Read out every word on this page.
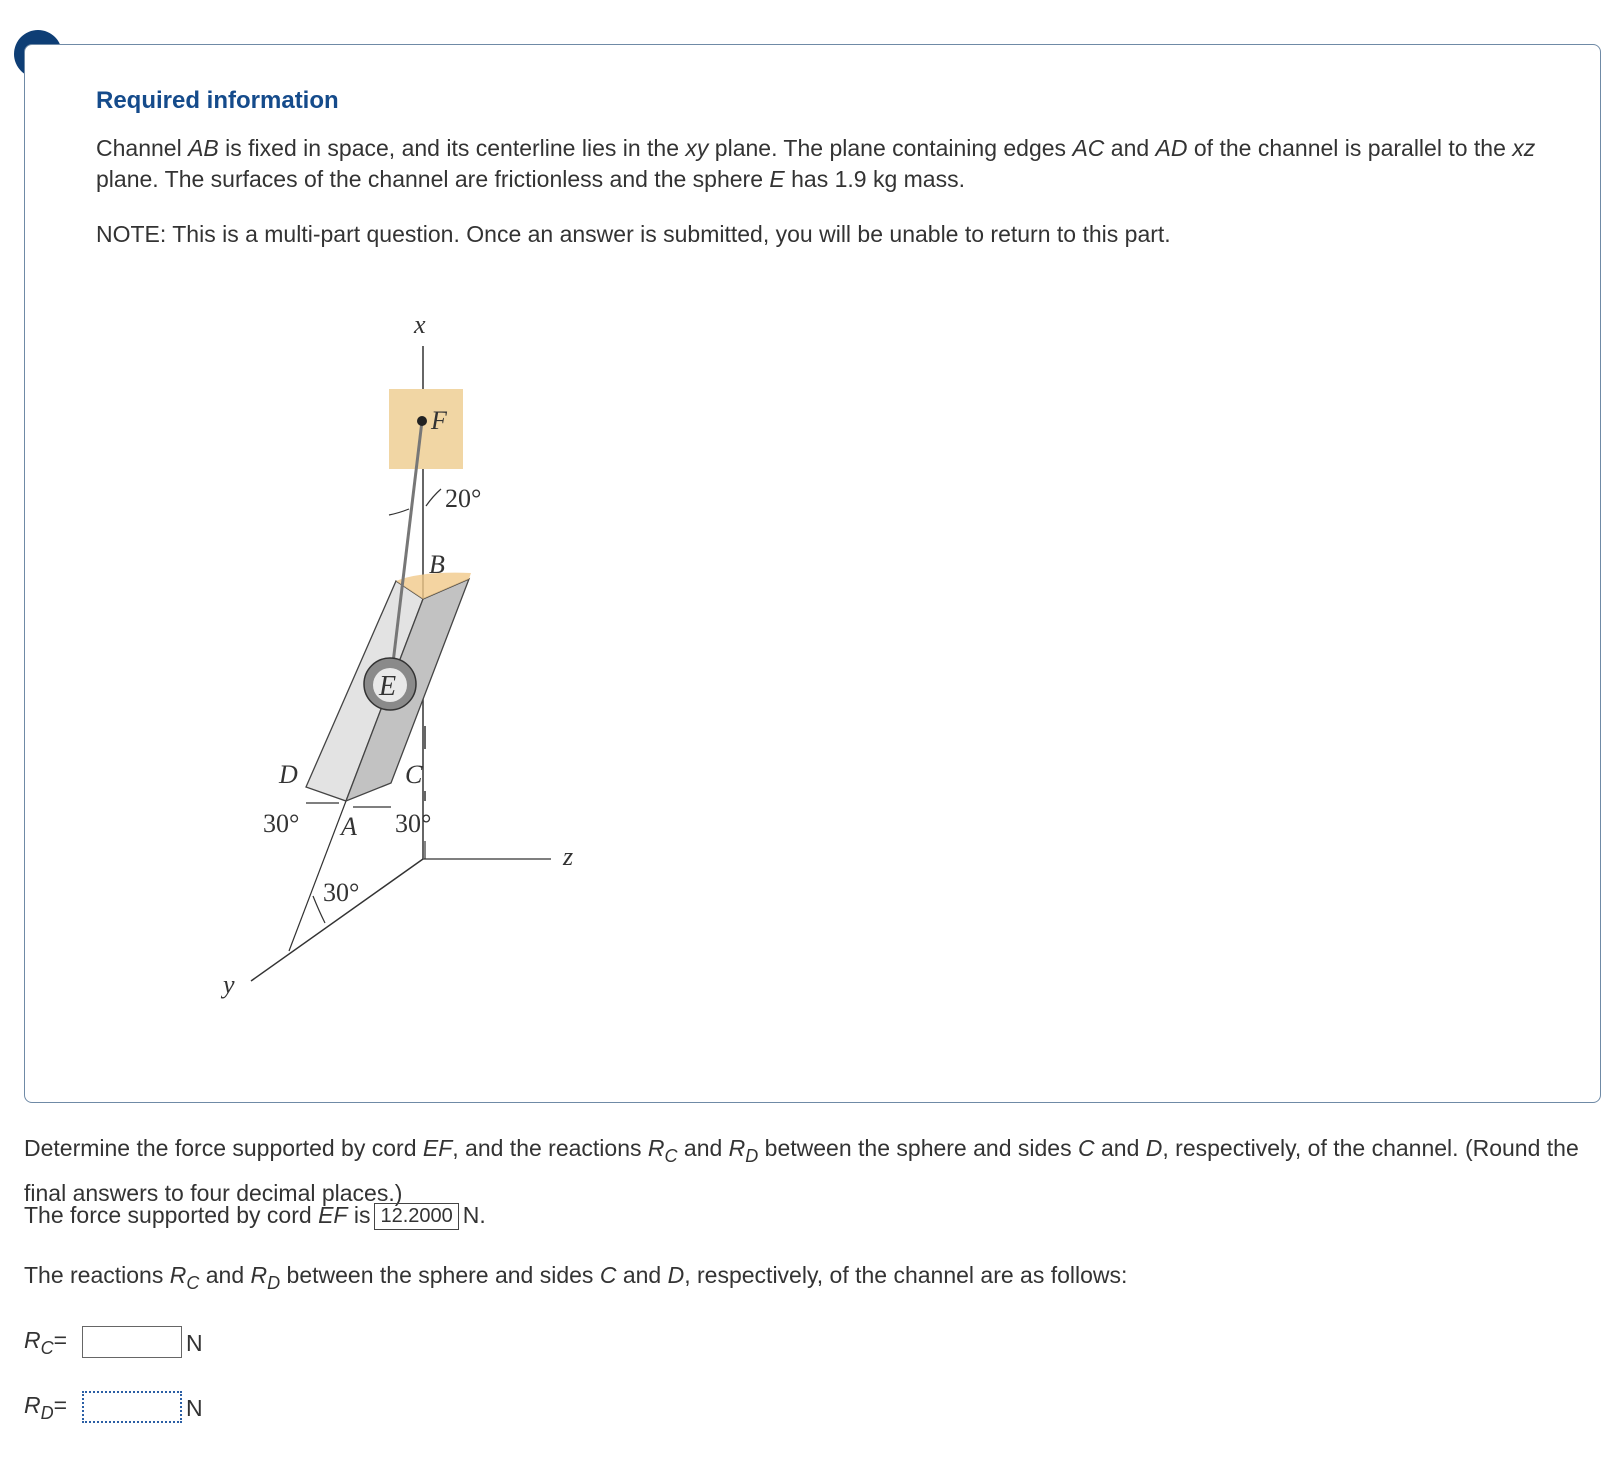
Required information
Channel AB is fixed in space, and its centerline lies in the xy plane. The plane containing edges AC and AD of the channel is parallel to the xz plane. The surfaces of the channel are frictionless and the sphere E has 1.9 kg mass.
NOTE: This is a multi-part question. Once an answer is submitted, you will be unable to return to this part.
x
F
20°
B
E
D	C
30° A 30°
z
30°
y
Determine the force supported by cord EF, and the reactions $R_C$ and $R_D$ between the sphere and sides C and D, respectively, of the channel. (Round the final answers to four decimal places.)
The force supported by cord EF is 12.2000 N.
The reactions $R_C$ and $R_D$ between the sphere and sides C and D, respectively, of the channel are as follows:
$R_C=$	N
$R_D=$	N
